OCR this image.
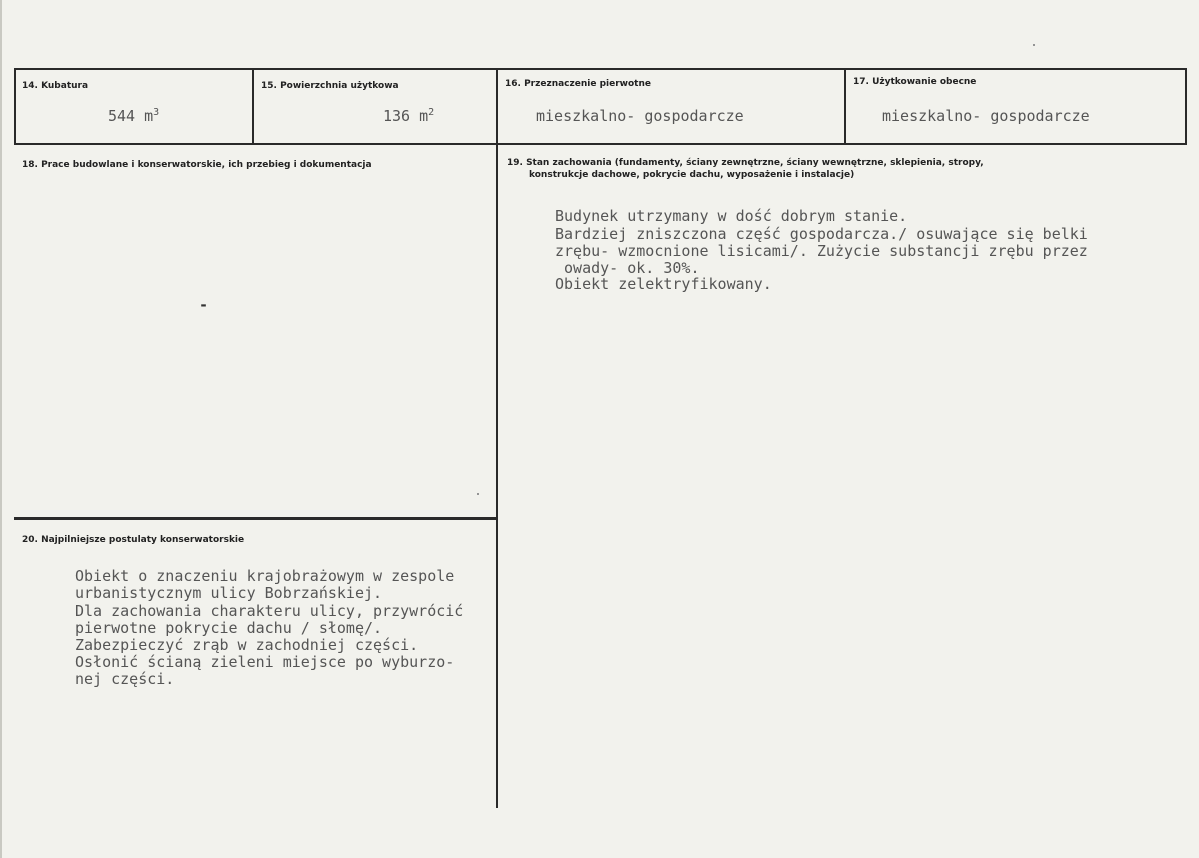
14. Kubatura
544 $m^3$
15. Powierzchnia użytkowa
136 $m^2$
16. Przeznaczenie pierwotne
mieszkalno- gospodarcze
17. Użytkowanie obecne
mieszkalno- gospodarcze
18. Prace budowlane i konserwatorskie, ich przebieg i dokumentacja
-
19. Stan zachowania (fundamenty, ściany zewnętrzne, ściany wewnętrzne, sklepienia, stropy,
konstrukcje dachowe, pokrycie dachu, wyposażenie i instalacje)
Budynek utrzymany w dość dobrym stanie.
Bardziej zniszczona część gospodarcza./ osuwające się belki
zrębu- wzmocnione lisicami/. Zużycie substancji zrębu przez
owady- ok. 30%.
Obiekt zelektryfikowany.
20. Najpilniejsze postulaty konserwatorskie
Obiekt o znaczeniu krajobrażowym w zespole
urbanistycznym ulicy Bobrzańskiej.
Dla zachowania charakteru ulicy, przywrócić
pierwotne pokrycie dachu / słomę/.
Zabezpieczyć zrąb w zachodniej części.
Osłonić ścianą zieleni miejsce po wyburzo-
nej części.
